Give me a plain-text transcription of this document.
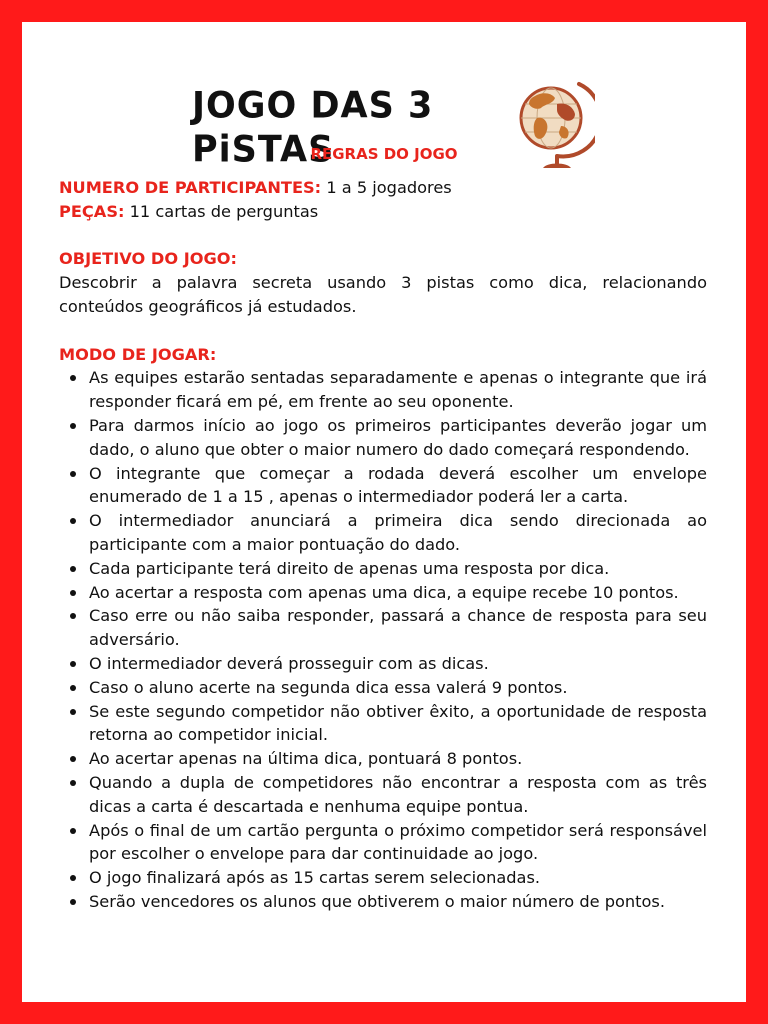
JOGO DAS 3 PiSTAS
REGRAS DO JOGO

NUMERO DE PARTICIPANTES: 1 a 5 jogadores

PEÇAS: 11 cartas de perguntas

OBJETIVO DO JOGO:

Descobrir a palavra secreta usando 3 pistas como dica, relacionando conteúdos geográficos já estudados.

MODO DE JOGAR:

As equipes estarão sentadas separadamente e apenas o integrante que irá responder ficará em pé, em frente ao seu oponente.
Para darmos início ao jogo os primeiros participantes deverão jogar um dado, o aluno que obter o maior numero do dado começará respondendo.
O integrante que começar a rodada deverá escolher um envelope enumerado de 1 a 15 , apenas o intermediador poderá ler a carta.
O intermediador anunciará a primeira dica sendo direcionada ao participante com a maior pontuação do dado.
Cada participante terá direito de apenas uma resposta por dica.
Ao acertar a resposta com apenas uma dica, a equipe recebe 10 pontos.
Caso erre ou não saiba responder, passará a chance de resposta para seu adversário.
O intermediador deverá prosseguir com as dicas.
Caso o aluno acerte na segunda dica essa valerá 9 pontos.
Se este segundo competidor não obtiver êxito, a oportunidade de resposta retorna ao competidor inicial.
Ao acertar apenas na última dica, pontuará 8 pontos.
Quando a dupla de competidores não encontrar a resposta com as três dicas a carta é descartada e nenhuma equipe pontua.
Após o final de um cartão pergunta o próximo competidor será responsável por escolher o envelope para dar continuidade ao jogo.
O jogo finalizará após as 15 cartas serem selecionadas.
Serão vencedores os alunos que obtiverem o maior número de pontos.
